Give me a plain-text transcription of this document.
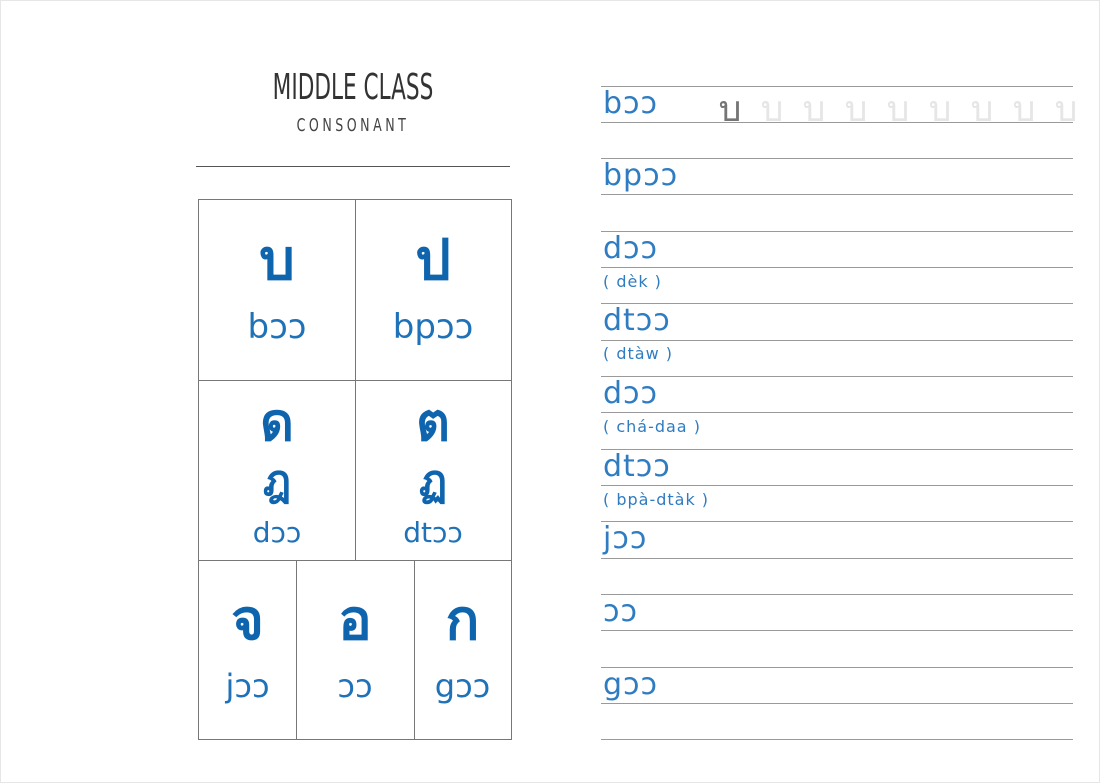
MIDDLE CLASS
CONSONANT
บ
bɔɔ
ป
bpɔɔ
ด
ฎ
dɔɔ
ต
ฏ
dtɔɔ
จ
jɔɔ
อ
ɔɔ
ก
gɔɔ
บ บ บ บ บ บ บ บ บ
bɔɔ
bpɔɔ
dɔɔ
( dèk )
dtɔɔ
( dtàw )
dɔɔ
( chá-daa )
dtɔɔ
( bpà-dtàk )
jɔɔ
ɔɔ
gɔɔ
